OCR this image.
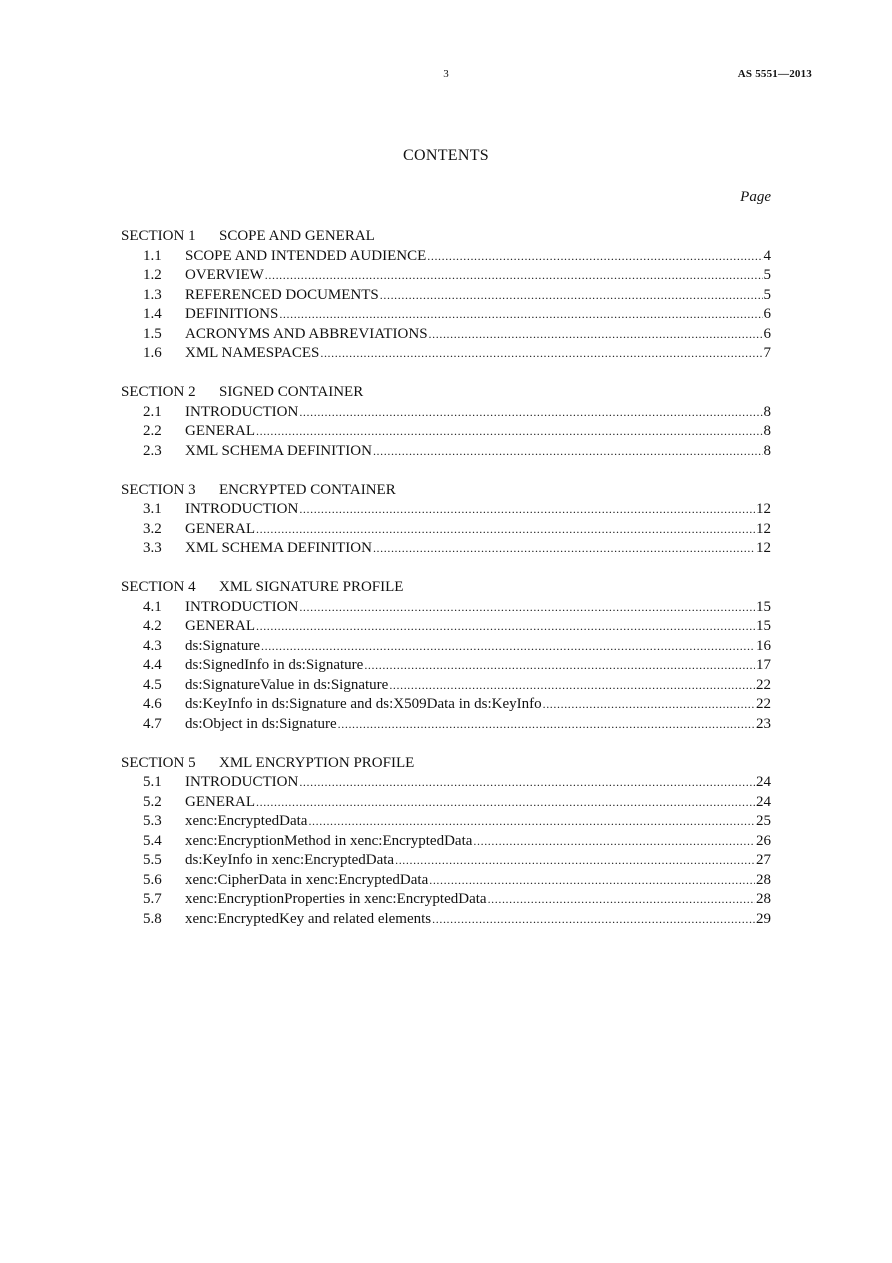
3	AS 5551—2013
CONTENTS
Page
SECTION 1 SCOPE AND GENERAL
1.1	SCOPE AND INTENDED AUDIENCE .....	4
1.2	OVERVIEW .....	5
1.3	REFERENCED DOCUMENTS .....	5
1.4	DEFINITIONS .....	6
1.5	ACRONYMS AND ABBREVIATIONS .....	6
1.6	XML NAMESPACES .....	7
SECTION 2 SIGNED CONTAINER
2.1	INTRODUCTION .....	8
2.2	GENERAL .....	8
2.3	XML SCHEMA DEFINITION .....	8
SECTION 3 ENCRYPTED CONTAINER
3.1	INTRODUCTION .....	12
3.2	GENERAL .....	12
3.3	XML SCHEMA DEFINITION .....	12
SECTION 4 XML SIGNATURE PROFILE
4.1	INTRODUCTION .....	15
4.2	GENERAL .....	15
4.3	ds:Signature .....	16
4.4	ds:SignedInfo in ds:Signature .....	17
4.5	ds:SignatureValue in ds:Signature .....	22
4.6	ds:KeyInfo in ds:Signature and ds:X509Data in ds:KeyInfo .....	22
4.7	ds:Object in ds:Signature .....	23
SECTION 5 XML ENCRYPTION PROFILE
5.1	INTRODUCTION .....	24
5.2	GENERAL .....	24
5.3	xenc:EncryptedData .....	25
5.4	xenc:EncryptionMethod in xenc:EncryptedData .....	26
5.5	ds:KeyInfo in xenc:EncryptedData .....	27
5.6	xenc:CipherData in xenc:EncryptedData .....	28
5.7	xenc:EncryptionProperties in xenc:EncryptedData .....	28
5.8	xenc:EncryptedKey and related elements .....	29
